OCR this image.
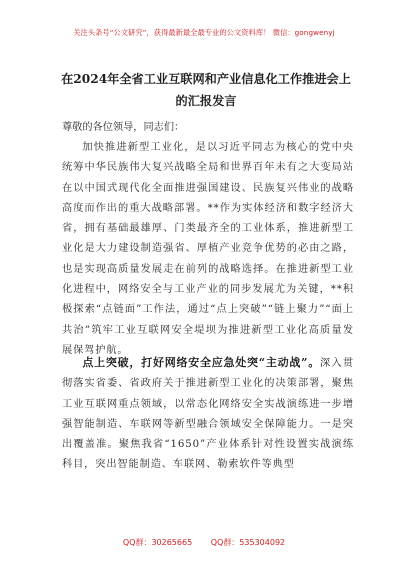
关注头条号“公文研究”，获得最新最全最专业的公文资料库！ 微信：gongwenyj
在2024年全省工业互联网和产业信息化工作推进会上的汇报发言
尊敬的各位领导，同志们：

加快推进新型工业化，是以习近平同志为核心的党中央统筹中华民族伟大复兴战略全局和世界百年未有之大变局站在以中国式现代化全面推进强国建设、民族复兴伟业的战略高度而作出的重大战略部署。**作为实体经济和数字经济大省，拥有基础最雄厚、门类最齐全的工业体系，推进新型工业化是大力建设制造强省、厚植产业竞争优势的必由之路，也是实现高质量发展走在前列的战略选择。在推进新型工业化进程中，网络安全与工业产业的同步发展尤为关键，**积极探索“点链面”工作法，通过“点上突破”“链上聚力”“面上共治”筑牢工业互联网安全堤坝为推进新型工业化高质量发展保驾护航。

点上突破，打好网络安全应急处突“主动战”。深入贯彻落实省委、省政府关于推进新型工业化的决策部署，聚焦工业互联网重点领域，以常态化网络安全实战演练进一步增强智能制造、车联网等新型融合领域安全保障能力。一是突出覆盖准。聚焦我省“1650”产业体系针对性设置实战演练科目，突出智能制造、车联网、勒索软件等典型

QQ群：30265665 QQ群：535304092
